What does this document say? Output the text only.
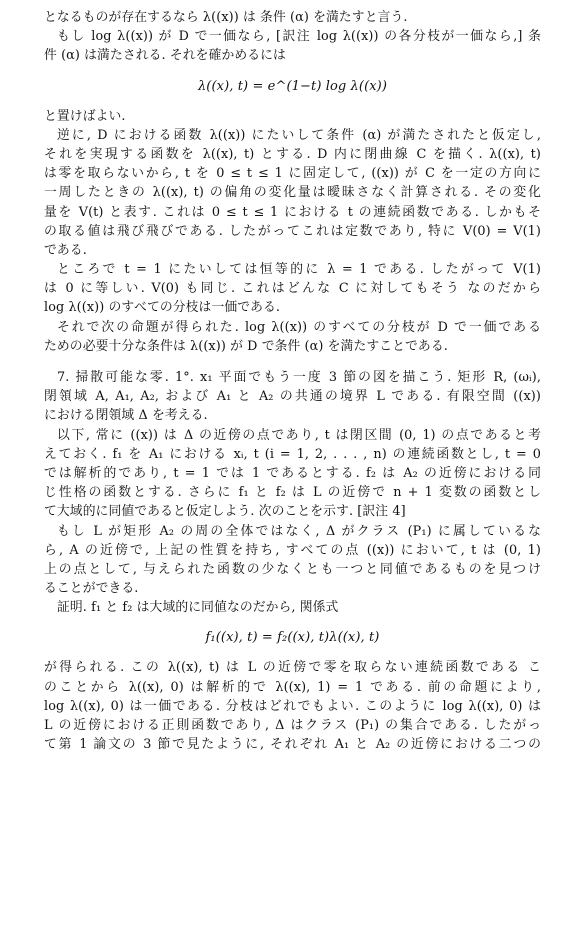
となるものが存在するなら λ((x)) は 条件 (α) を満たすと言う.
もし log λ((x)) が D で一価なら, [訳注 log λ((x)) の各分枝が一価なら,] 条
件 (α) は満たされる. それを確かめるには
λ((x), t) = e^(1−t) log λ((x))
と置けばよい.
逆に, D における函数 λ((x)) にたいして条件 (α) が満たされたと仮定し,
それを実現する函数を λ((x), t) とする. D 内に閉曲線 C を描く. λ((x), t)
は零を取らないから, t を 0 ≤ t ≤ 1 に固定して, ((x)) が C を一定の方向に
一周したときの λ((x), t) の偏角の変化量は曖昧さなく計算される. その変化
量を V(t) と表す. これは 0 ≤ t ≤ 1 における t の連続函数である. しかもそ
の取る値は飛び飛びである. したがってこれは定数であり, 特に V(0) = V(1)
である.
ところで t = 1 にたいしては恒等的に λ = 1 である. したがって V(1)
は 0 に等しい. V(0) も同じ. これはどんな C に対してもそう なのだから
log λ((x)) のすべての分枝は一価である.
それで次の命題が得られた. log λ((x)) のすべての分枝が D で一価である
ための必要十分な条件は λ((x)) が D で条件 (α) を満たすことである.
7. 掃散可能な零. 1°. x₁ 平面でもう一度 3 節の図を描こう. 矩形 R, (ωᵢ),
閉領域 A, A₁, A₂, および A₁ と A₂ の共通の境界 L である. 有限空間 ((x))
における閉領域 Δ を考える.
以下, 常に ((x)) は Δ の近傍の点であり, t は閉区間 (0, 1) の点であると考
えておく. f₁ を A₁ における xᵢ, t (i = 1, 2, . . . , n) の連続函数とし, t = 0
では解析的であり, t = 1 では 1 であるとする. f₂ は A₂ の近傍における同
じ性格の函数とする. さらに f₁ と f₂ は L の近傍で n + 1 変数の函数とし
て大域的に同値であると仮定しよう. 次のことを示す. [訳注 4]
もし L が矩形 A₂ の周の全体ではなく, Δ がクラス (P₁) に属しているな
ら, A の近傍で, 上記の性質を持ち, すべての点 ((x)) において, t は (0, 1)
上の点として, 与えられた函数の少なくとも一つと同値であるものを見つけ
ることができる.
証明. f₁ と f₂ は大域的に同値なのだから, 関係式
f₁((x), t) = f₂((x), t)λ((x), t)
が得られる. この λ((x), t) は L の近傍で零を取らない連続函数である こ
のことから λ((x), 0) は解析的で λ((x), 1) = 1 である. 前の命題により,
log λ((x), 0) は一価である. 分枝はどれでもよい. このように log λ((x), 0) は
L の近傍における正則函数であり, Δ はクラス (P₁) の集合である. したがっ
て第 1 論文の 3 節で見たように, それぞれ A₁ と A₂ の近傍における二つの
